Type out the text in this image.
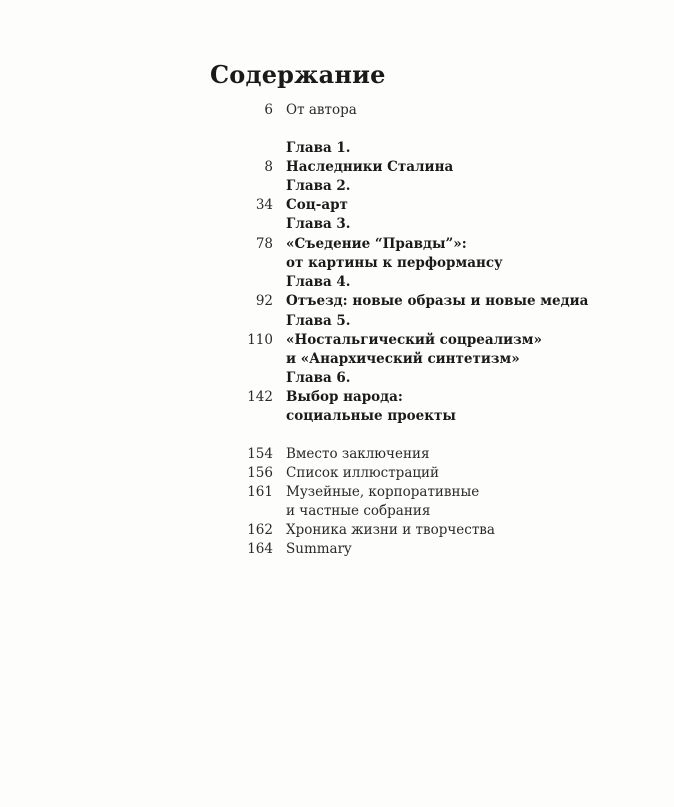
Содержание
6 От автора
Глава 1.
8 Наследники Сталина
Глава 2.
34 Соц-арт
Глава 3.
78 «Съедение “Правды”»:
от картины к перформансу
Глава 4.
92 Отъезд: новые образы и новые медиа
Глава 5.
110 «Ностальгический соцреализм»
и «Анархический синтетизм»
Глава 6.
142 Выбор народа:
социальные проекты
154 Вместо заключения
156 Список иллюстраций
161 Музейные, корпоративные
и частные собрания
162 Хроника жизни и творчества
164 Summary
